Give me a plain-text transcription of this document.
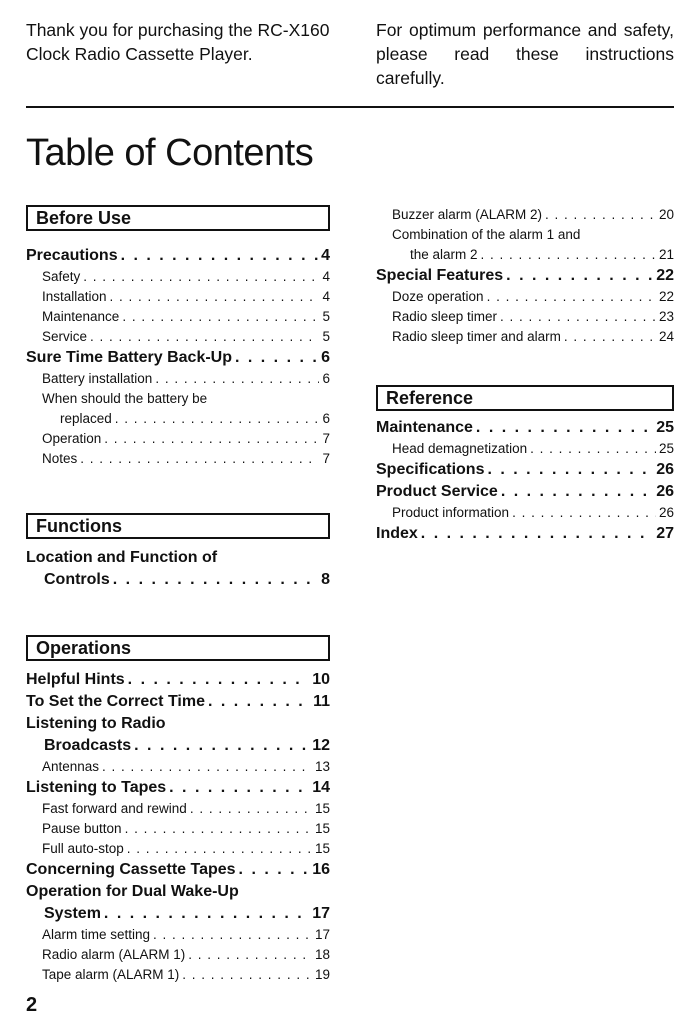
Thank you for purchasing the RC-X160 Clock Radio Cassette Player.
For optimum performance and safety, please read these instructions carefully.
Table of Contents
Before Use
Precautions . . .	4
Safety . . .	4
Installation . . .	4
Maintenance . . .	5
Service . . .	5
Sure Time Battery Back-Up . . .	6
Battery installation . . .	6
When should the battery be
replaced . . .	6
Operation . . .	7
Notes . . .	7
Functions
Location and Function of
Controls . . .	8
Operations
Helpful Hints . . .	10
To Set the Correct Time . . .	11
Listening to Radio
Broadcasts . . .	12
Antennas . . .	13
Listening to Tapes . . .	14
Fast forward and rewind . . .	15
Pause button . . .	15
Full auto-stop . . .	15
Concerning Cassette Tapes . . .	16
Operation for Dual Wake-Up
System . . .	17
Alarm time setting . . .	17
Radio alarm (ALARM 1) . . .	18
Tape alarm (ALARM 1) . . .	19
Buzzer alarm (ALARM 2) . . .	20
Combination of the alarm 1 and
the alarm 2 . . .	21
Special Features . . .	22
Doze operation . . .	22
Radio sleep timer . . .	23
Radio sleep timer and alarm . . .	24
Reference
Maintenance . . .	25
Head demagnetization . . .	25
Specifications . . .	26
Product Service . . .	26
Product information . . .	26
Index . . .	27
2
